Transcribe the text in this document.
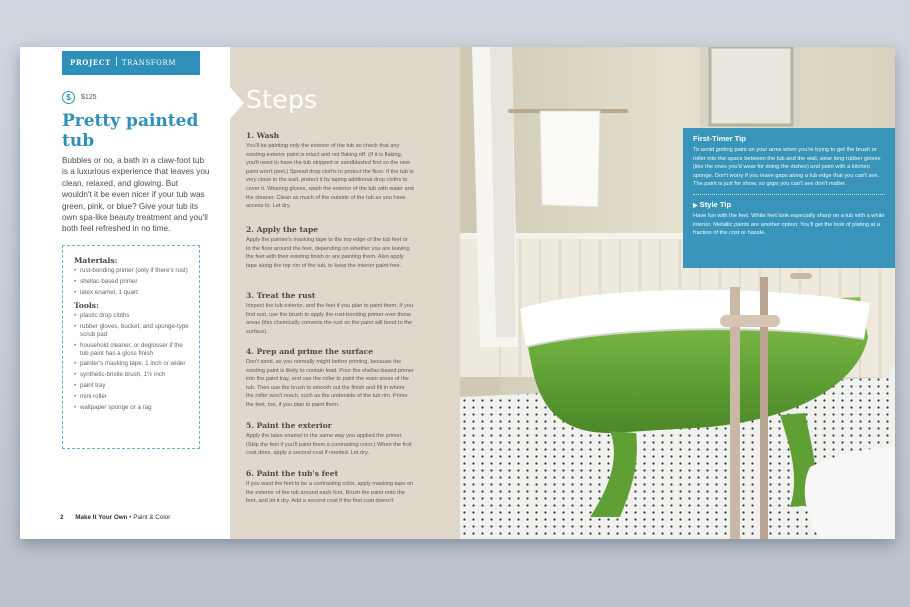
PROJECT TRANSFORM
$	$125
Pretty painted tub

Bubbles or no, a bath in a claw-foot tub is a luxurious experience that leaves you clean, relaxed, and glowing. But wouldn't it be even nicer if your tub was green, pink, or blue? Give your tub its own spa-like beauty treatment and you'll both feel refreshed in no time.

Materials:

• rust-bonding primer (only if there's rust)
• shellac-based primer
• latex enamel, 1 quart

Tools:

• plastic drop cloths
• rubber gloves, bucket, and sponge-type scrub pad
• household cleaner, or deglosser if the tub paint has a gloss finish
• painter's masking tape, 1 inch or wider
• synthetic-bristle brush, 1½ inch
• paint tray
• mini roller
• wallpaper sponge or a rag
2 Make It Your Own • Paint & Color
Steps

1. Wash

You'll be painting only the exterior of the tub so check that any existing exterior paint is intact and not flaking off. (If it is flaking, you'll need to have the tub stripped or sandblasted first so the new paint won't peel.) Spread drop cloths to protect the floor. If the tub is very close to the wall, protect it by taping additional drop cloths to cover it. Wearing gloves, wash the exterior of the tub with water and the cleaner. Clean as much of the outside of the tub as you have access to. Let dry.

2. Apply the tape

Apply the painter's masking tape to the top edge of the tub feet or to the floor around the feet, depending on whether you are leaving the feet with their existing finish or are painting them. Also apply tape along the top rim of the tub, to keep the interior paint-free.

3. Treat the rust

Inspect the tub exterior, and the feet if you plan to paint them. If you find rust, use the brush to apply the rust-bonding primer over those areas (this chemically converts the rust so the paint will bond to the surface).

4. Prep and prime the surface

Don't sand, as you normally might before priming, because the existing paint is likely to contain lead. Pour the shellac-based primer into the paint tray, and use the roller to paint the main areas of the tub. Then use the brush to smooth out the finish and fill in where the roller won't reach, such as the underside of the tub rim. Prime the feet, too, if you plan to paint them.

5. Paint the exterior

Apply the latex enamel in the same way you applied the primer. (Skip the feet if you'll paint them a contrasting color.) When the first coat dries, apply a second coat if needed. Let dry.

6. Paint the tub's feet

If you want the feet to be a contrasting color, apply masking tape on the exterior of the tub around each foot. Brush the paint onto the feet, and let it dry. Add a second coat if the first coat doesn't

First-Timer Tip

To avoid getting paint on your arms when you're trying to get the brush or roller into the space between the tub and the wall, wear long rubber gloves (like the ones you'd wear for doing the dishes) and paint with a kitchen sponge. Don't worry if you leave gaps along a tub edge that you can't see. The paint is just for show, so gaps you can't see don't matter.

▶ Style Tip

Have fun with the feet. White feet look especially sharp on a tub with a white interior. Metallic paints are another option: You'll get the look of plating at a fraction of the cost or hassle.
